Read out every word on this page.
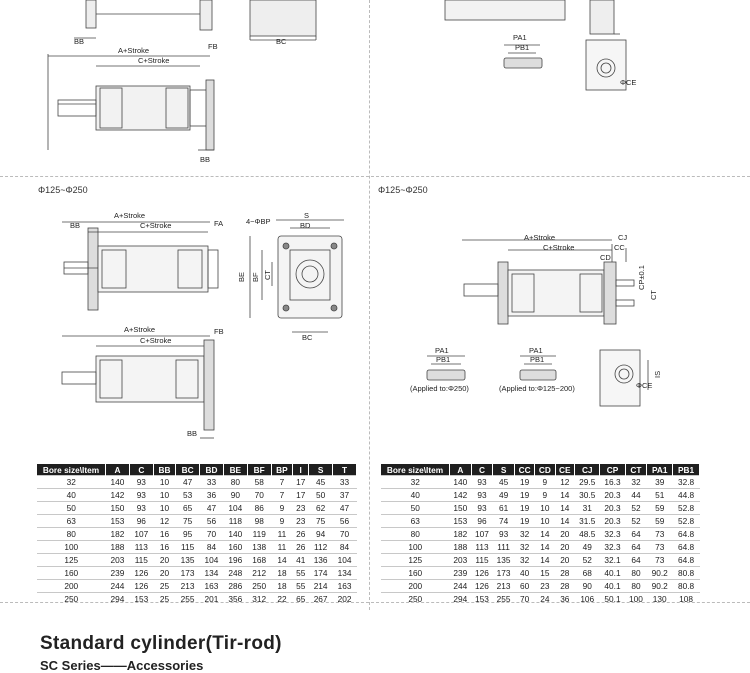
BB	BC
A+Stroke
C+Stroke
FB
BB
PA1
PB1
ΦCE
A+Stroke
C+Stroke
BB	FA
S
BD
4−ΦBP
BE BF CT
BC
A+Stroke
C+Stroke
FB
BB
A+Stroke
C+Stroke
CJ
CC
CD
CP±0.1
CT
PA1
PB1
PA1
PB1
(Applied to:Φ250)	(Applied to:Φ125~200)	ΦCE
IS
Φ125~Φ250	Φ125~Φ250
Bore size\Item	A	C	BB	BC	BD	BE	BF	BP	I	S	T
32	140	93	10	47	33	80	58	7	17	45	33
40	142	93	10	53	36	90	70	7	17	50	37
50	150	93	10	65	47	104	86	9	23	62	47
63	153	96	12	75	56	118	98	9	23	75	56
80	182	107	16	95	70	140	119	11	26	94	70
100	188	113	16	115	84	160	138	11	26	112	84
125	203	115	20	135	104	196	168	14	41	136	104
160	239	126	20	173	134	248	212	18	55	174	134
200	244	126	25	213	163	286	250	18	55	214	163
250	294	153	25	255	201	356	312	22	65	267	202
Bore size\Item	A	C	S	CC	CD	CE	CJ	CP	CT	PA1	PB1
32	140	93	45	19	9	12	29.5	16.3	32	39	32.8
40	142	93	49	19	9	14	30.5	20.3	44	51	44.8
50	150	93	61	19	10	14	31	20.3	52	59	52.8
63	153	96	74	19	10	14	31.5	20.3	52	59	52.8
80	182	107	93	32	14	20	48.5	32.3	64	73	64.8
100	188	113	111	32	14	20	49	32.3	64	73	64.8
125	203	115	135	32	14	20	52	32.1	64	73	64.8
160	239	126	173	40	15	28	68	40.1	80	90.2	80.8
200	244	126	213	60	23	28	90	40.1	80	90.2	80.8
250	294	153	255	70	24	36	106	50.1	100	130	108
Standard cylinder(Tir-rod)
SC Series——Accessories
